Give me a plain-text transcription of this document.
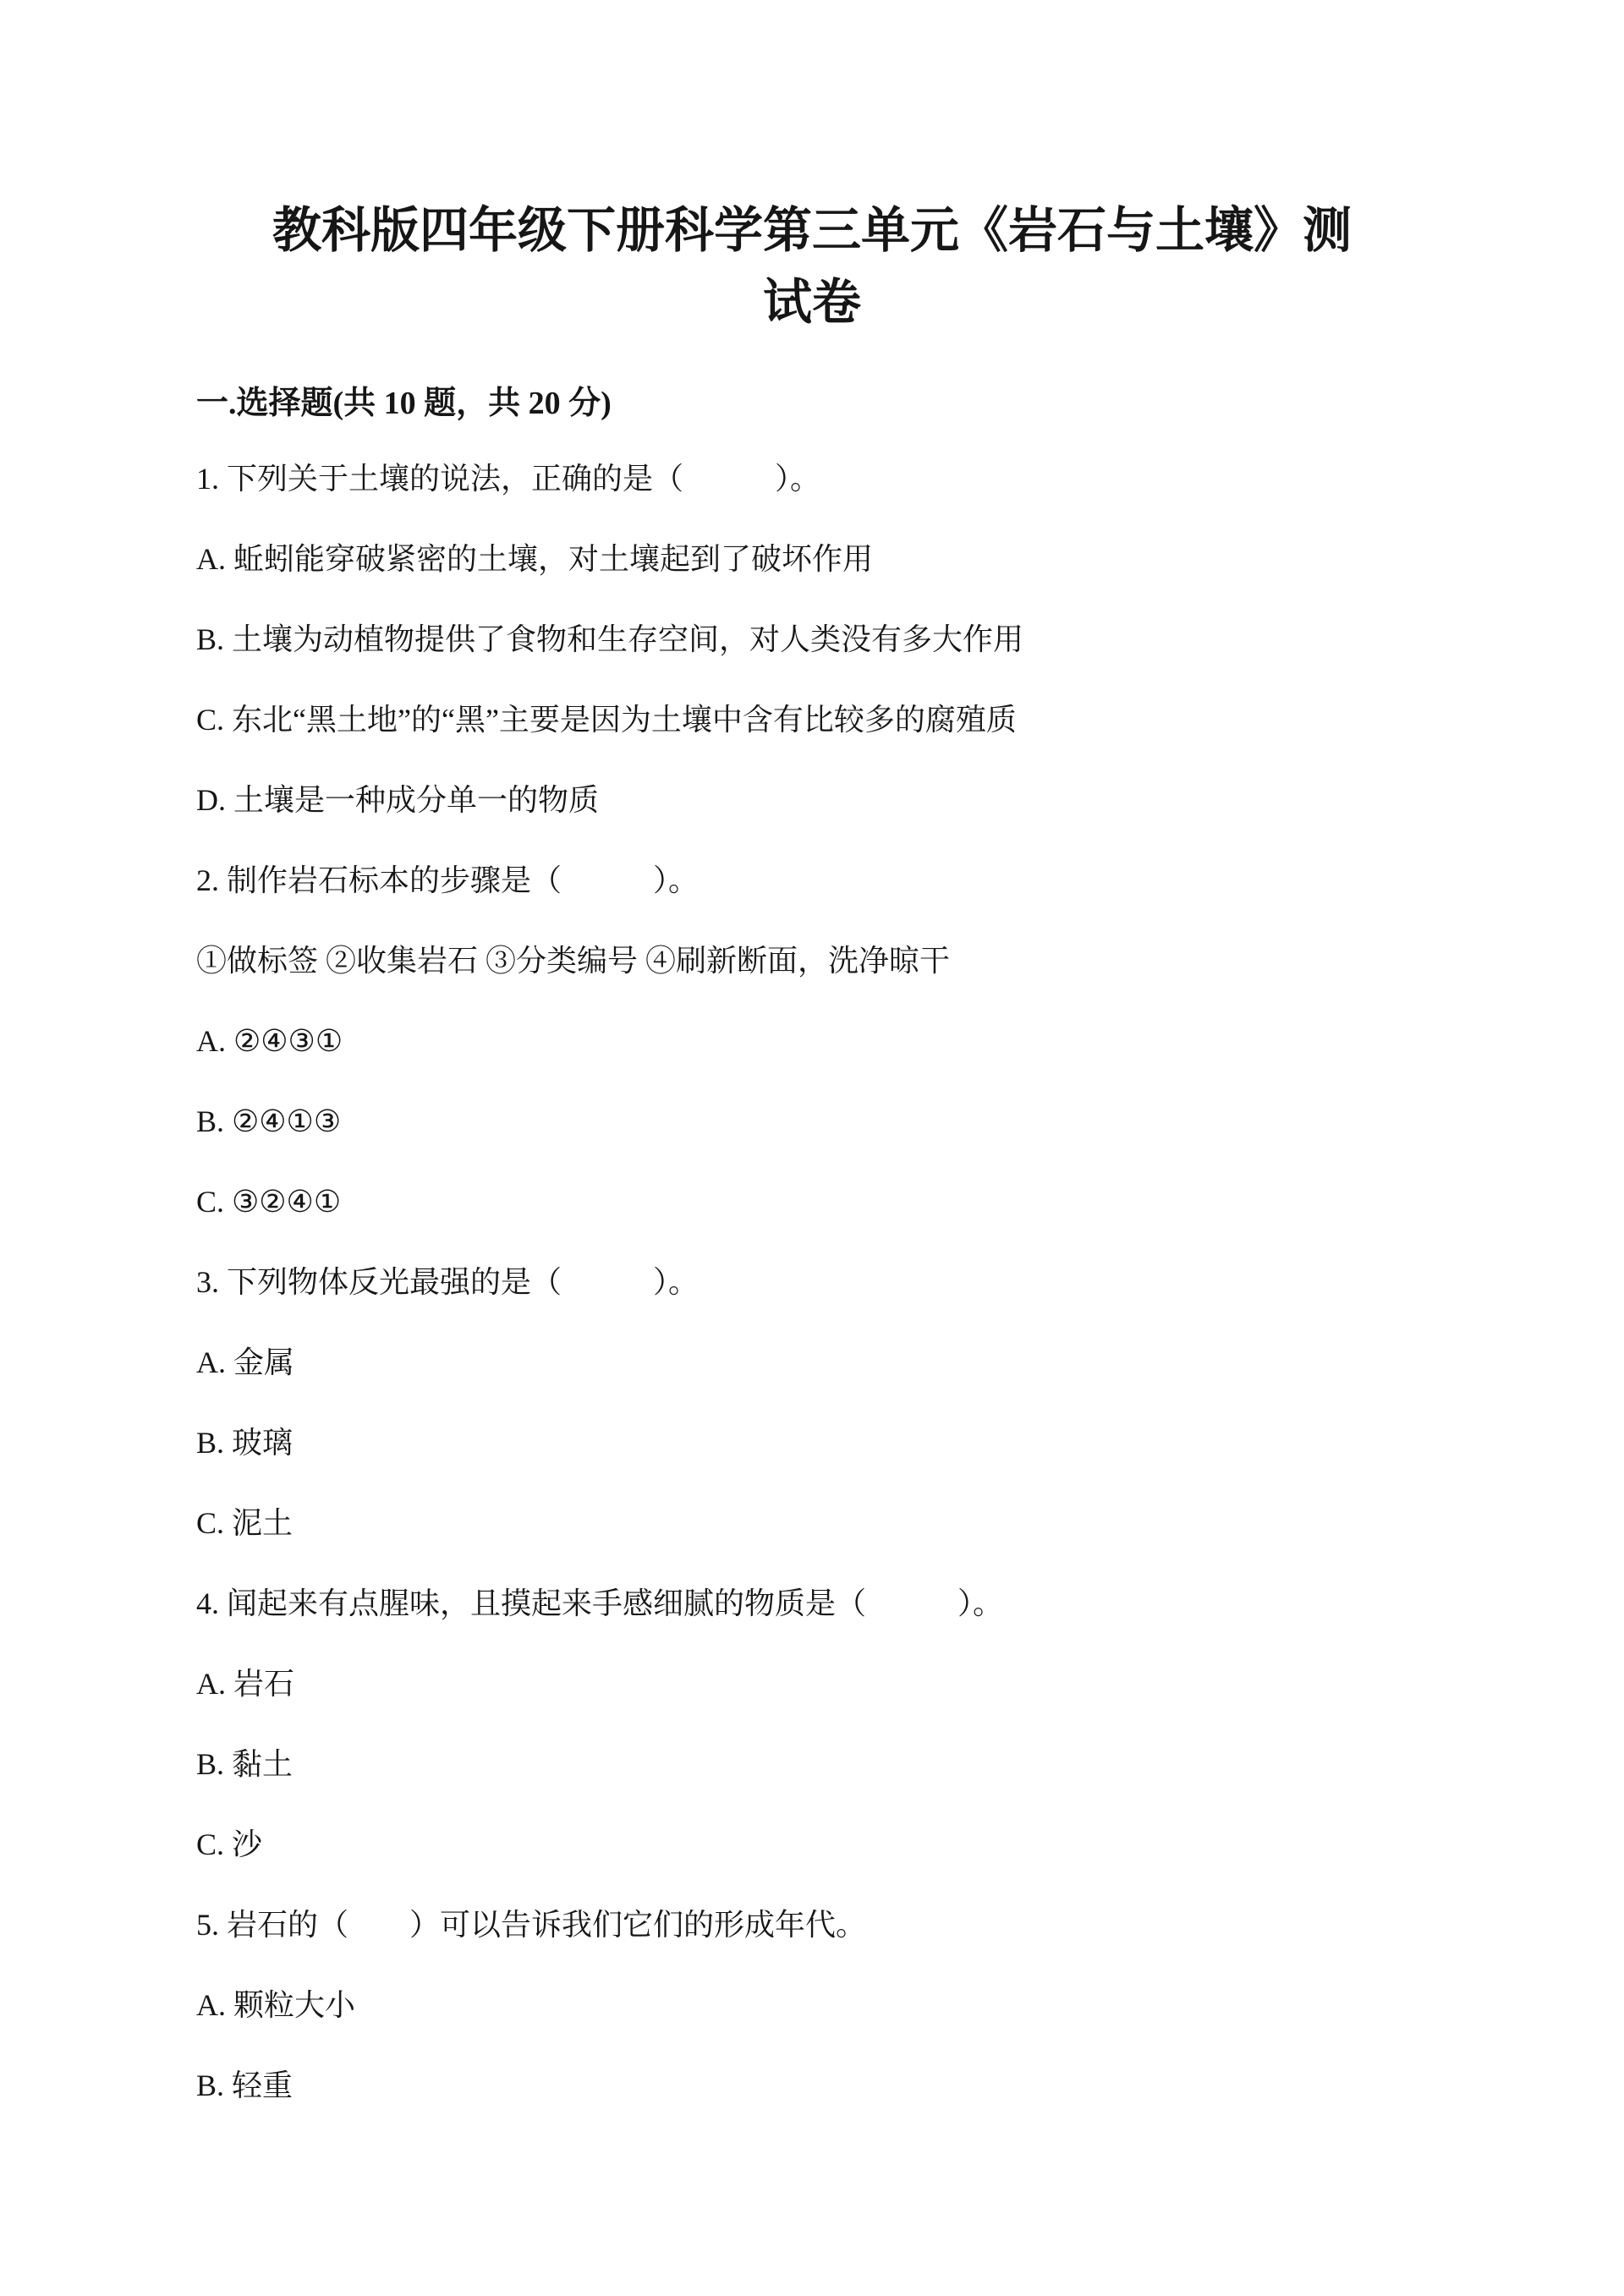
教科版四年级下册科学第三单元《岩石与土壤》测试卷
一.选择题(共 10 题，共 20 分)

1. 下列关于土壤的说法，正确的是（　　　）。

A. 蚯蚓能穿破紧密的土壤，对土壤起到了破坏作用

B. 土壤为动植物提供了食物和生存空间，对人类没有多大作用

C. 东北“黑土地”的“黑”主要是因为土壤中含有比较多的腐殖质

D. 土壤是一种成分单一的物质

2. 制作岩石标本的步骤是（　　　）。

①做标签 ②收集岩石 ③分类编号 ④刷新断面，洗净晾干

A. ②④③①

B. ②④①③

C. ③②④①

3. 下列物体反光最强的是（　　　）。

A. 金属

B. 玻璃

C. 泥土

4. 闻起来有点腥味，且摸起来手感细腻的物质是（　　　）。

A. 岩石

B. 黏土

C. 沙

5. 岩石的（　　）可以告诉我们它们的形成年代。

A. 颗粒大小

B. 轻重
